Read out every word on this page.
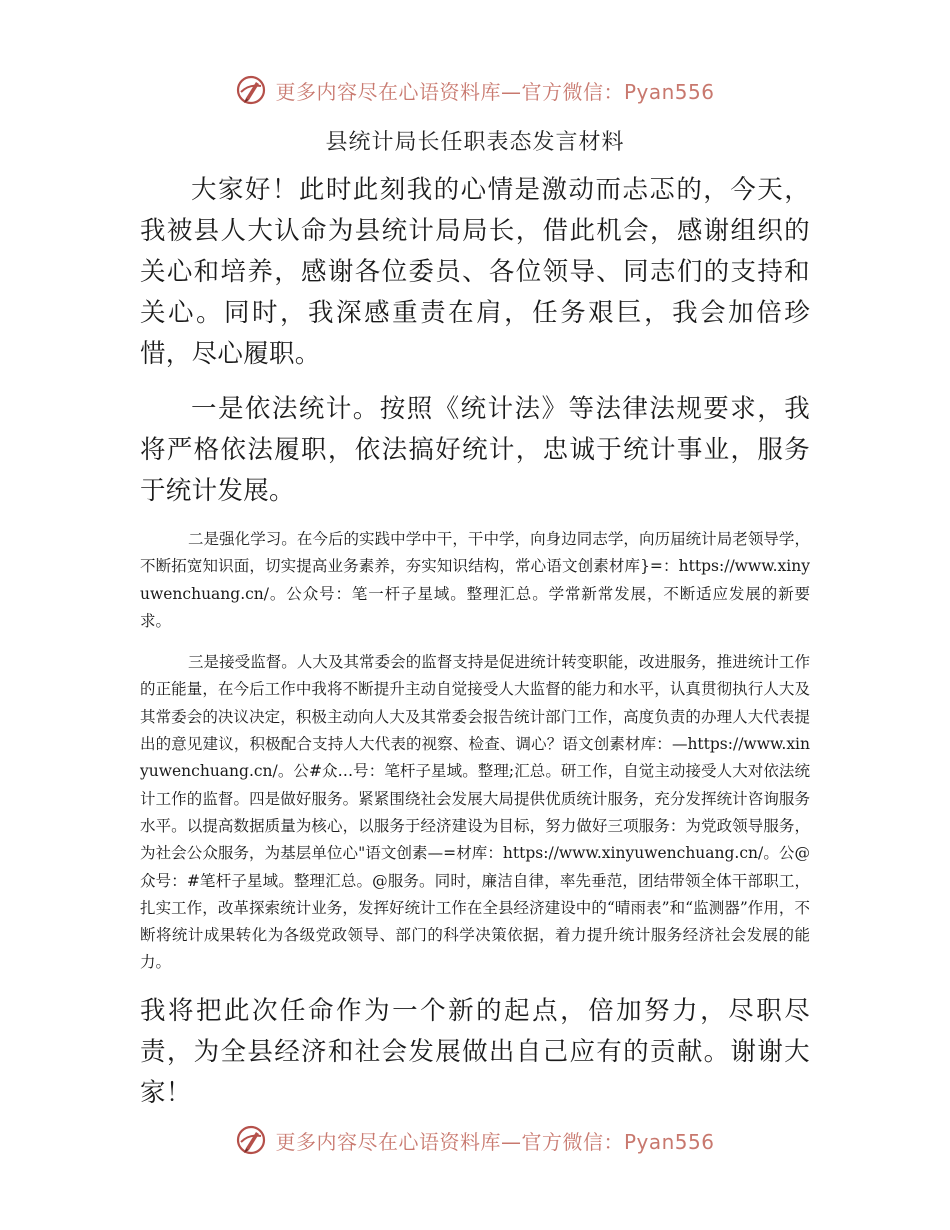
更多内容尽在心语资料库—官方微信：Pyan556
县统计局长任职表态发言材料

大家好！此时此刻我的心情是激动而忐忑的，今天，我被县人大认命为县统计局局长，借此机会，感谢组织的关心和培养，感谢各位委员、各位领导、同志们的支持和关心。同时，我深感重责在肩，任务艰巨，我会加倍珍惜，尽心履职。

一是依法统计。按照《统计法》等法律法规要求，我将严格依法履职，依法搞好统计，忠诚于统计事业，服务于统计发展。

二是强化学习。在今后的实践中学中干，干中学，向身边同志学，向历届统计局老领导学，不断拓宽知识面，切实提高业务素养，夯实知识结构，常心语文创素材库}=：https://www.xinyuwenchuang.cn/。公众号：笔一杆子星域。整理汇总。学常新常发展，不断适应发展的新要求。

三是接受监督。人大及其常委会的监督支持是促进统计转变职能，改进服务，推进统计工作的正能量，在今后工作中我将不断提升主动自觉接受人大监督的能力和水平，认真贯彻执行人大及其常委会的决议决定，积极主动向人大及其常委会报告统计部门工作，高度负责的办理人大代表提出的意见建议，积极配合支持人大代表的视察、检查、调心？语文创素材库：—https://www.xinyuwenchuang.cn/。公#众…号：笔杆子星域。整理;汇总。研工作，自觉主动接受人大对依法统计工作的监督。四是做好服务。紧紧围绕社会发展大局提供优质统计服务，充分发挥统计咨询服务水平。以提高数据质量为核心，以服务于经济建设为目标，努力做好三项服务：为党政领导服务，为社会公众服务，为基层单位心"语文创素—=材库：https://www.xinyuwenchuang.cn/。公@众号：#笔杆子星域。整理汇总。@服务。同时，廉洁自律，率先垂范，团结带领全体干部职工，扎实工作，改革探索统计业务，发挥好统计工作在全县经济建设中的“晴雨表”和“监测器”作用，不断将统计成果转化为各级党政领导、部门的科学决策依据，着力提升统计服务经济社会发展的能力。

我将把此次任命作为一个新的起点，倍加努力，尽职尽责，为全县经济和社会发展做出自己应有的贡献。谢谢大家！

更多内容尽在心语资料库—官方微信：Pyan556
